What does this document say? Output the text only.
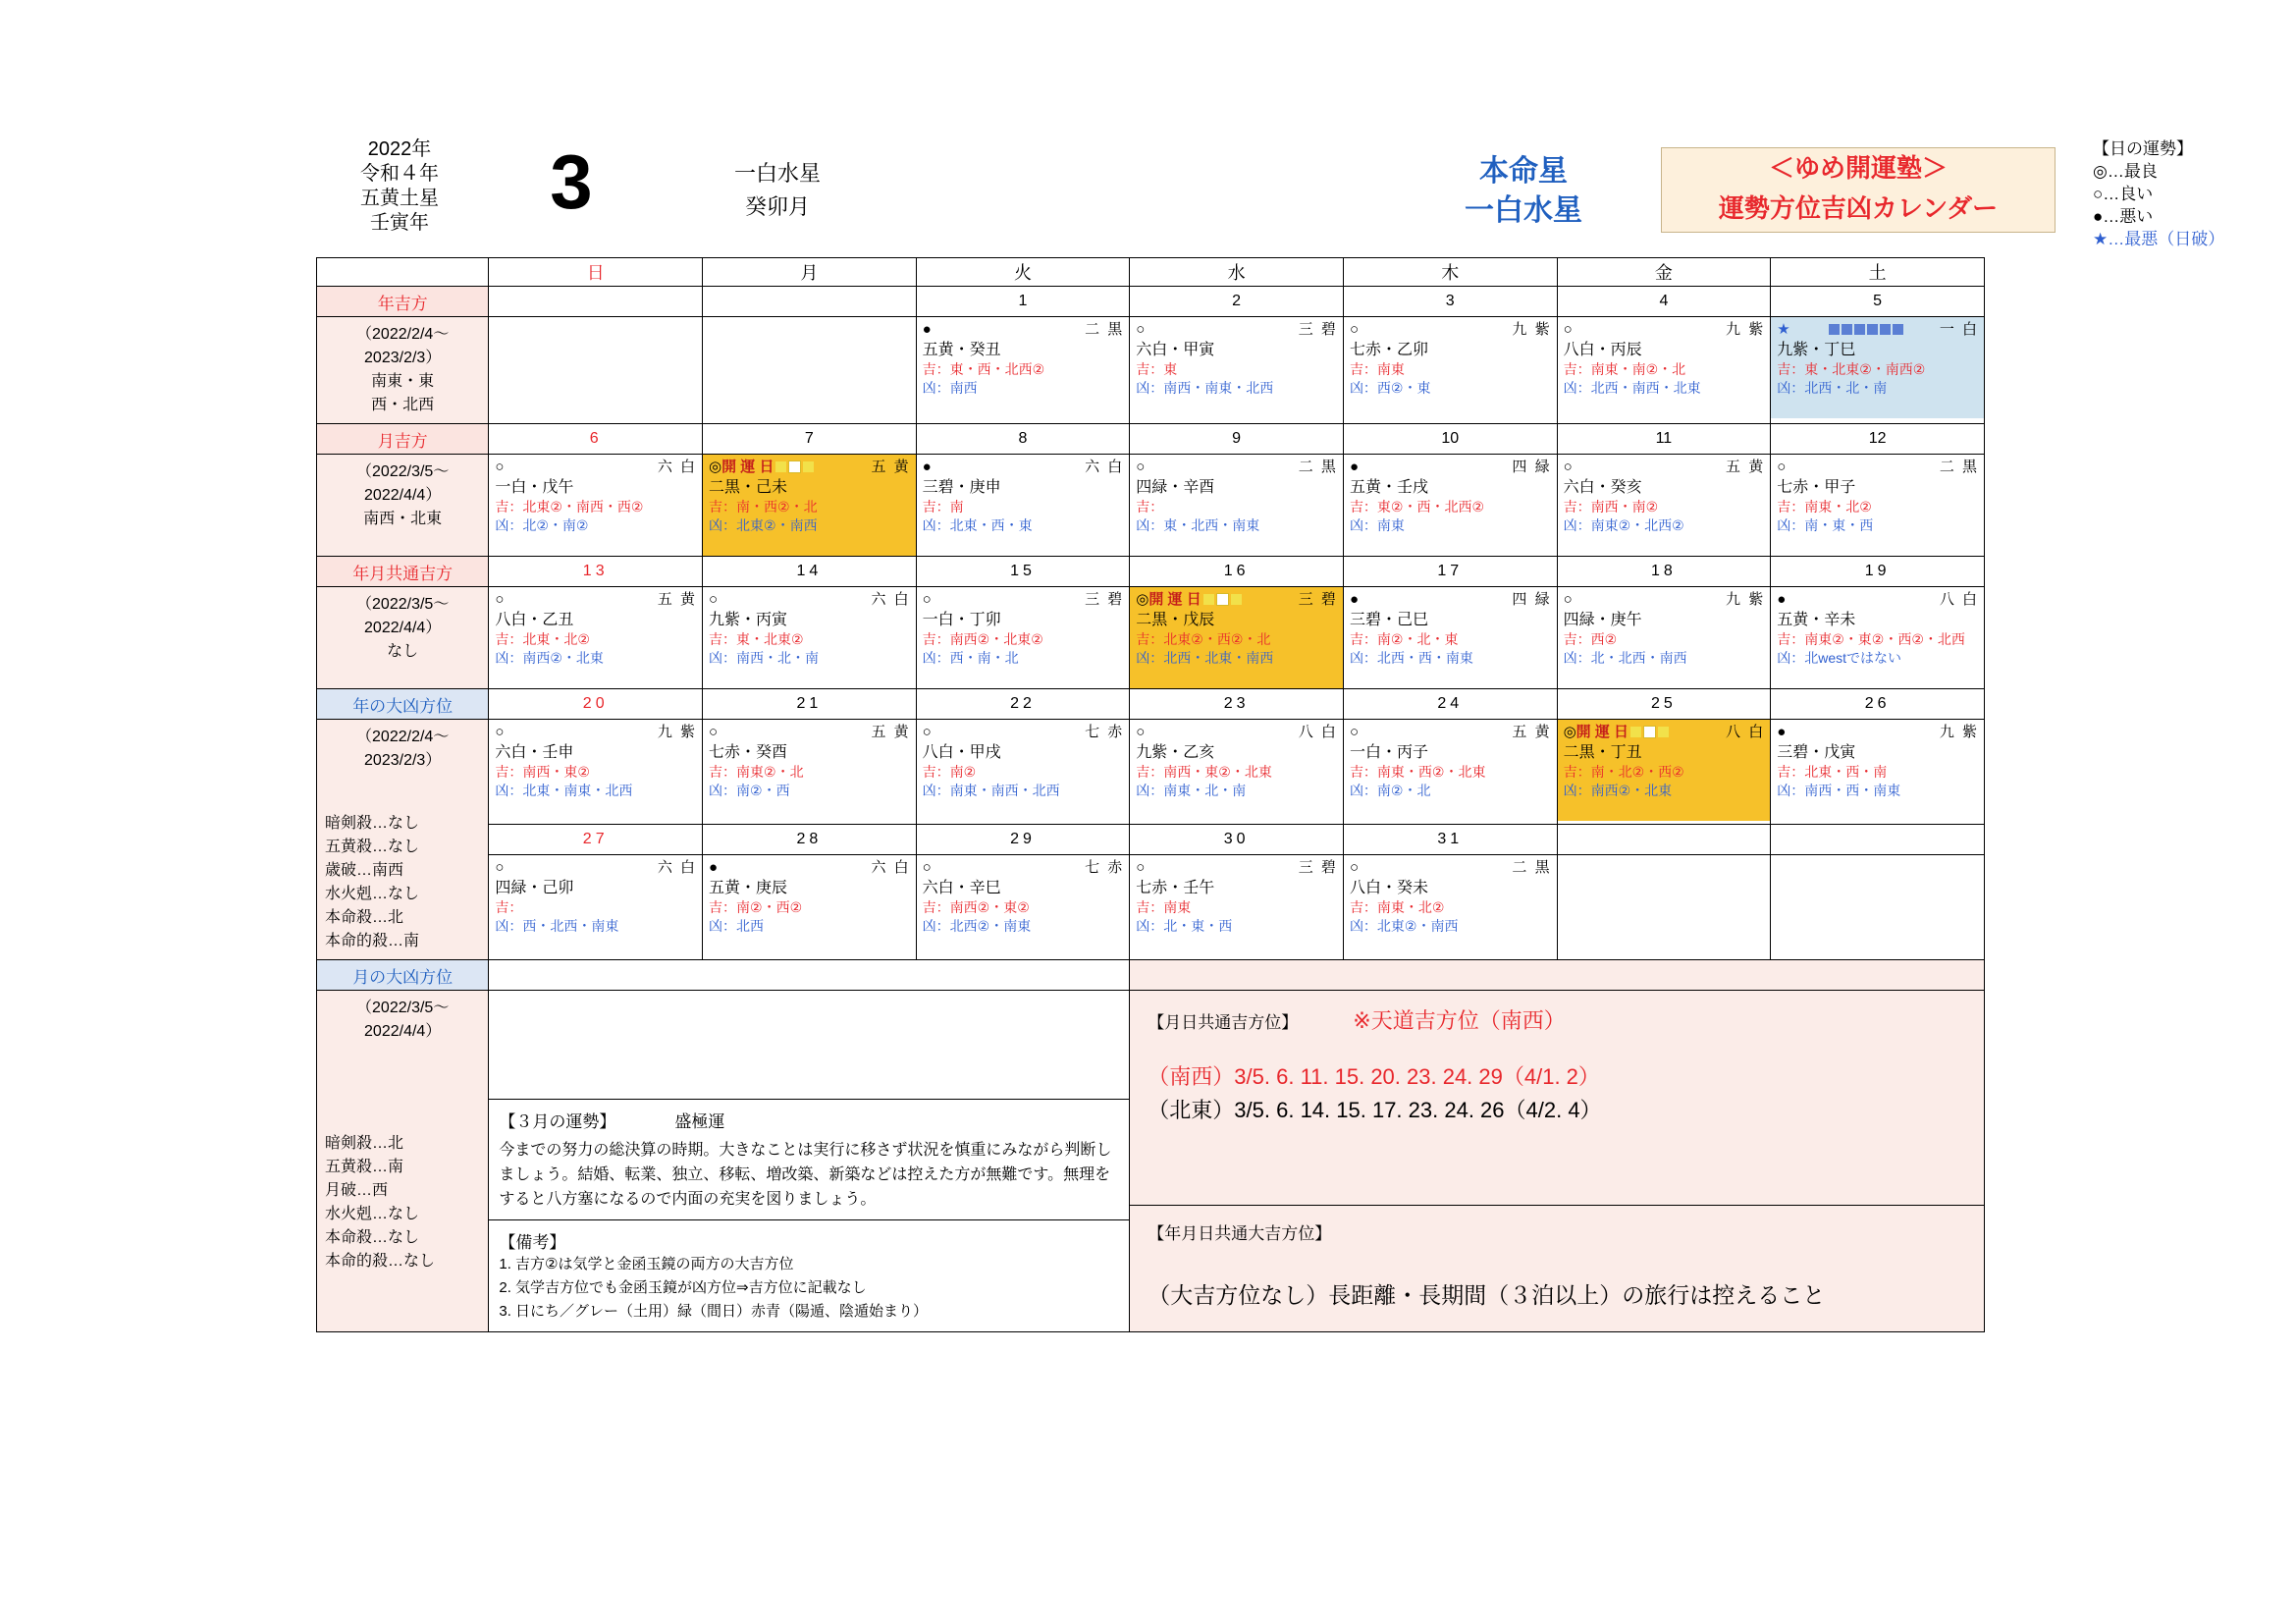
2022年
令和４年
五黄土星
壬寅年	3	一白水星
癸卯月
本命星
一白水星
＜ゆめ開運塾＞
運勢方位吉凶カレンダー
【日の運勢】
◎…最良
○…良い
●…悪い
★…最悪（日破）
	日	月	火	水	木	金	土

年吉方			1	2	3	4	5

（2022/2/4～
2023/2/3）
南東・東
西・北西

●	二 黒
五黄・癸丑
吉：東・西・北西②
凶：南西

○	三 碧
六白・甲寅
吉：東
凶：南西・南東・北西

○	九 紫
七赤・乙卯
吉：南東
凶：西②・東

○	九 紫
八白・丙辰
吉：南東・南②・北
凶：北西・南西・北東

★	一 白
九紫・丁巳
吉：東・北東②・南西②
凶：北西・北・南

月吉方	6	7	8	9	10	11	12

（2022/3/5～
2022/4/4）
南西・北東

○	六 白
一白・戊午
吉：北東②・南西・西②
凶：北②・南②

◎開 運 日	五 黄
二黒・己未
吉：南・西②・北
凶：北東②・南西

●	六 白
三碧・庚申
吉：南
凶：北東・西・東

○	二 黒
四緑・辛酉
吉：
凶：東・北西・南東

●	四 緑
五黄・壬戌
吉：東②・西・北西②
凶：南東

○	五 黄
六白・癸亥
吉：南西・南②
凶：南東②・北西②

○	二 黒
七赤・甲子
吉：南東・北②
凶：南・東・西

年月共通吉方	13	14	15	16	17	18	19

（2022/3/5～
2022/4/4）
なし

○	五 黄
八白・乙丑
吉：北東・北②
凶：南西②・北東

○	六 白
九紫・丙寅
吉：東・北東②
凶：南西・北・南

○	三 碧
一白・丁卯
吉：南西②・北東②
凶：西・南・北

◎開 運 日	三 碧
二黒・戊辰
吉：北東②・西②・北
凶：北西・北東・南西

●	四 緑
三碧・己巳
吉：南②・北・東
凶：北西・西・南東

○	九 紫
四緑・庚午
吉：西②
凶：北・北西・南西

●	八 白
五黄・辛未
吉：南東②・東②・西②・北西
凶：北westではない

年の大凶方位	20	21	22	23	24	25	26

（2022/2/4～
2023/2/3）
暗剣殺…なし
五黄殺…なし
歳破…南西
水火剋…なし
本命殺…北
本命的殺…南

○	九 紫
六白・壬申
吉：南西・東②
凶：北東・南東・北西

○	五 黄
七赤・癸酉
吉：南東②・北
凶：南②・西

○	七 赤
八白・甲戌
吉：南②
凶：南東・南西・北西

○	八 白
九紫・乙亥
吉：南西・東②・北東
凶：南東・北・南

○	五 黄
一白・丙子
吉：南東・西②・北東
凶：南②・北

◎開 運 日	八 白
二黒・丁丑
吉：南・北②・西②
凶：南西②・北東

●	九 紫
三碧・戊寅
吉：北東・西・南
凶：南西・西・南東

27	28	29	30	31

○	六 白
四緑・己卯
吉：
凶：西・北西・南東

●	六 白
五黄・庚辰
吉：南②・西②
凶：北西

○	七 赤
六白・辛巳
吉：南西②・東②
凶：北西②・南東

○	三 碧
七赤・壬午
吉：南東
凶：北・東・西

○	二 黒
八白・癸未
吉：南東・北②
凶：北東②・南西

月の大凶方位

（2022/3/5～
2022/4/4）
暗剣殺…北
五黄殺…南
月破…西
水火剋…なし
本命殺…なし
本命的殺…なし

【３月の運勢】	盛極運
今までの努力の総決算の時期。大きなことは実行に移さず状況を慎重にみながら判断しましょう。結婚、転業、独立、移転、増改築、新築などは控えた方が無難です。無理をすると八方塞になるので内面の充実を図りましょう。

【備考】
1. 吉方②は気学と金函玉鏡の両方の大吉方位
2. 気学吉方位でも金函玉鏡が凶方位⇒吉方位に記載なし
3. 日にち／グレー（土用）緑（間日）赤青（陽遁、陰遁始まり）

【月日共通吉方位】	※天道吉方位（南西）
（南西）3/5. 6. 11. 15. 20. 23. 24. 29（4/1. 2）
（北東）3/5. 6. 14. 15. 17. 23. 24. 26（4/2. 4）

【年月日共通大吉方位】
（大吉方位なし）長距離・長期間（３泊以上）の旅行は控えること
